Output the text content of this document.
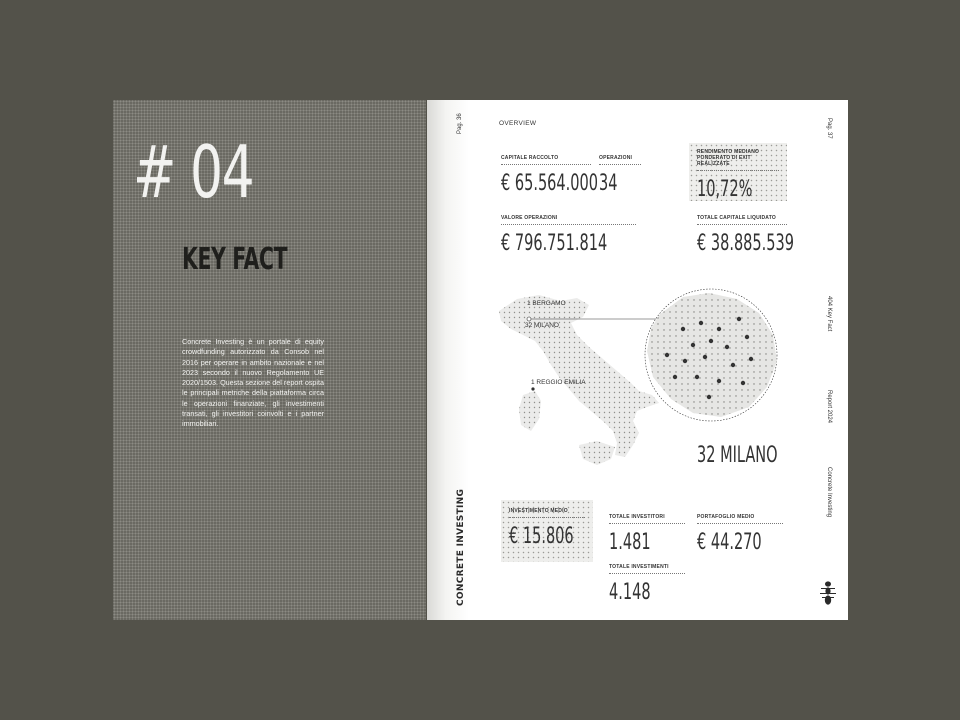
# 04
KEY FACT
Concrete Investing è un portale di equity crowdfunding autorizzato da Consob nel 2016 per operare in ambito nazionale e nel 2023 secondo il nuovo Regolamento UE 2020/1503. Questa sezione del report ospita le principali metriche della piattaforma circa le operazioni finanziate, gli investimenti transati, gli investitori coinvolti e i partner immobiliari.
Pag. 36	Pag. 37
404 Key Fact
Report 2024
Concrete Investing
CONCRETE INVESTING
OVERVIEW
CAPITALE RACCOLTO
€ 65.564.000
OPERAZIONI
34
RENDIMENTO MEDIANO PONDERATO DI EXIT REALIZZATE
10,72%
VALORE OPERAZIONI
€ 796.751.814
TOTALE CAPITALE LIQUIDATO
€ 38.885.539
1 BERGAMO
32 MILANO
1 REGGIO EMILIA
32 MILANO
INVESTIMENTO MEDIO
€ 15.806
TOTALE INVESTITORI
1.481
PORTAFOGLIO MEDIO
€ 44.270
TOTALE INVESTIMENTI
4.148
